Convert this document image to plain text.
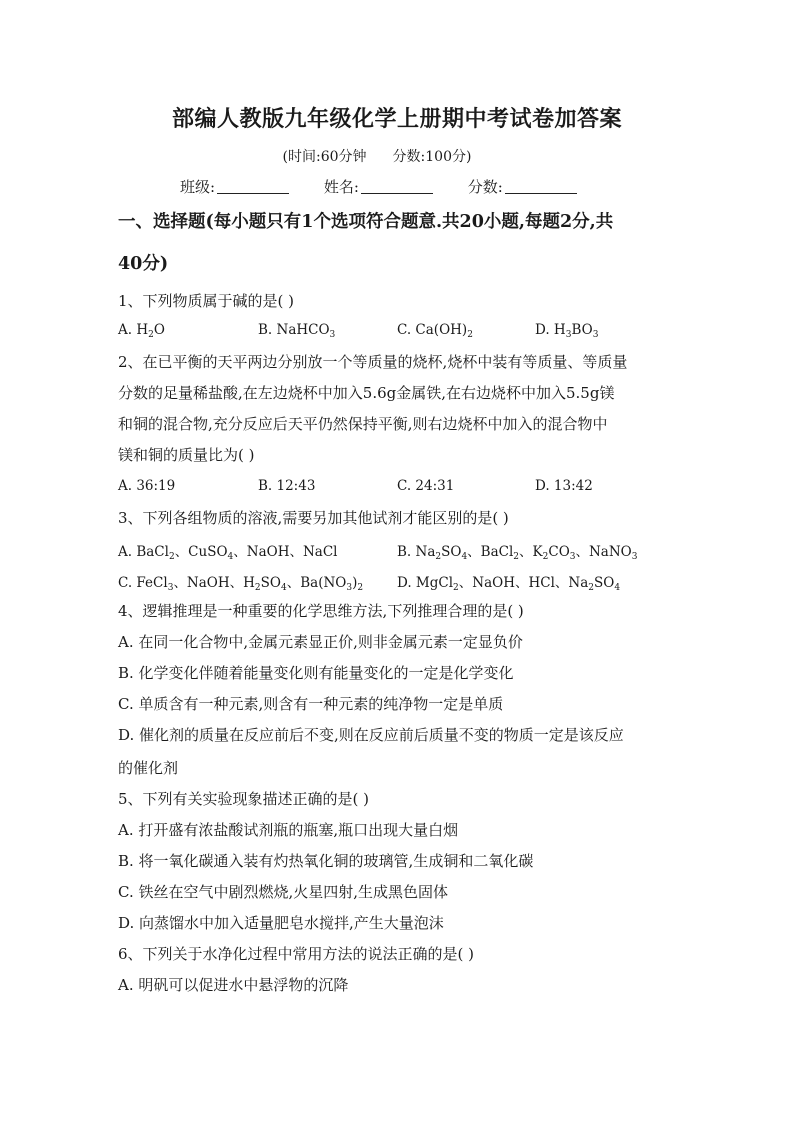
部编人教版九年级化学上册期中考试卷加答案
(时间:60分钟 分数:100分)
班级:	姓名:	分数:
一、选择题(每小题只有1个选项符合题意.共20小题,每题2分,共
40分)
1、下列物质属于碱的是( )
A. $H_2O$	B. NaHCO$_3$	C. $Ca(OH)_2$	D. $H_3BO_3$
2、在已平衡的天平两边分别放一个等质量的烧杯,烧杯中装有等质量、等质量
分数的足量稀盐酸,在左边烧杯中加入5.6g金属铁,在右边烧杯中加入5.5g镁
和铜的混合物,充分反应后天平仍然保持平衡,则右边烧杯中加入的混合物中
镁和铜的质量比为( )
A. 36:19	B. 12:43	C. 24:31	D. 13:42
3、下列各组物质的溶液,需要另加其他试剂才能区别的是( )
A. BaCl$_2$、CuSO$_4$、NaOH、NaCl	B. $Na_2SO_4$、BaCl$_2$、$K_2CO_3$、NaNO$_3$
C. FeCl$_3$、NaOH、$H_2SO_4$、$Ba(NO_3)_2$	D. MgCl$_2$、NaOH、HCl、$Na_2SO_4$
4、逻辑推理是一种重要的化学思维方法,下列推理合理的是( )
A. 在同一化合物中,金属元素显正价,则非金属元素一定显负价
B. 化学变化伴随着能量变化则有能量变化的一定是化学变化
C. 单质含有一种元素,则含有一种元素的纯净物一定是单质
D. 催化剂的质量在反应前后不变,则在反应前后质量不变的物质一定是该反应
的催化剂
5、下列有关实验现象描述正确的是( )
A. 打开盛有浓盐酸试剂瓶的瓶塞,瓶口出现大量白烟
B. 将一氧化碳通入装有灼热氧化铜的玻璃管,生成铜和二氧化碳
C. 铁丝在空气中剧烈燃烧,火星四射,生成黑色固体
D. 向蒸馏水中加入适量肥皂水搅拌,产生大量泡沫
6、下列关于水净化过程中常用方法的说法正确的是( )
A. 明矾可以促进水中悬浮物的沉降
